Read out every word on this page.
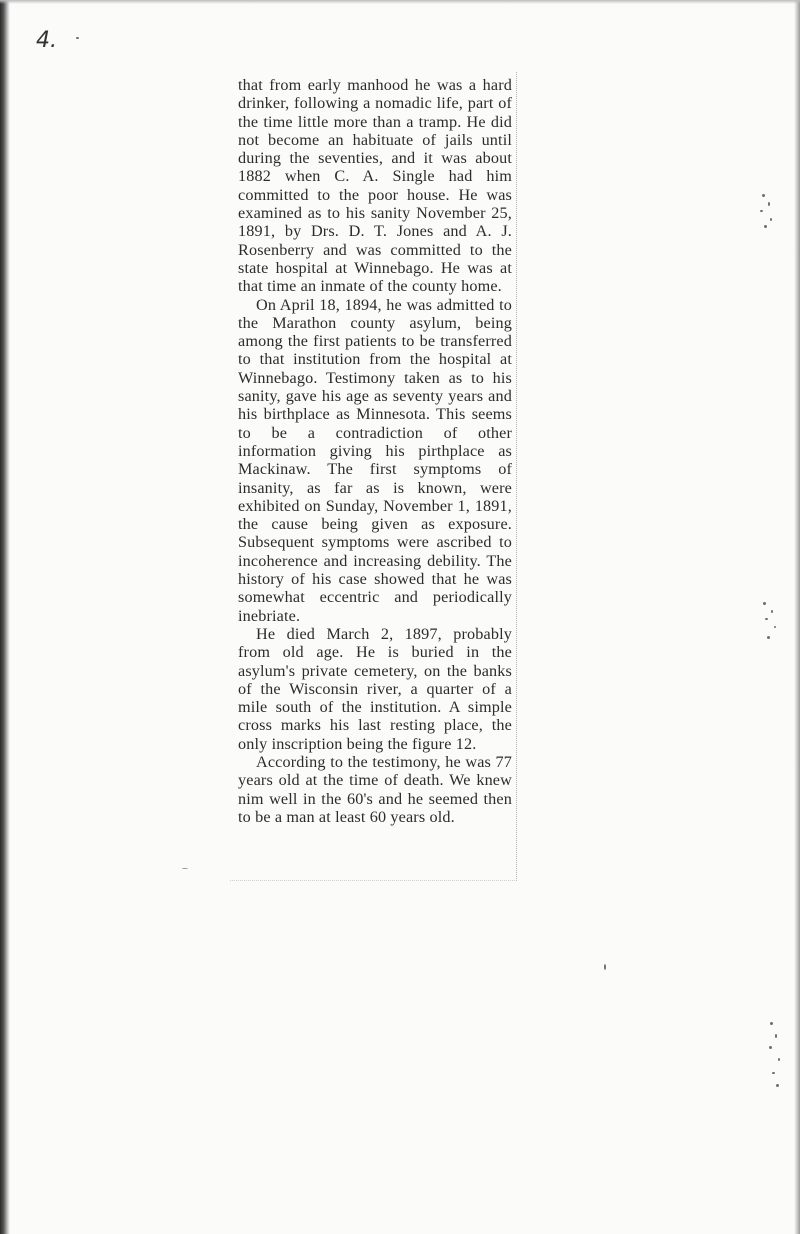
4.

that from early manhood he was a hard drinker, following a nomadic life, part of the time little more than a tramp. He did not become an habituate of jails until during the seventies, and it was about 1882 when C. A. Single had him committed to the poor house. He was examined as to his sanity November 25, 1891, by Drs. D. T. Jones and A. J. Rosenberry and was committed to the state hospital at Winnebago. He was at that time an inmate of the county home.

On April 18, 1894, he was admitted to the Marathon county asylum, being among the first patients to be transferred to that institution from the hospital at Winnebago. Testimony taken as to his sanity, gave his age as seventy years and his birthplace as Minnesota. This seems to be a contradiction of other information giving his pirthplace as Mackinaw. The first symptoms of insanity, as far as is known, were exhibited on Sunday, November 1, 1891, the cause being given as exposure. Subsequent symptoms were ascribed to incoherence and increasing debility. The history of his case showed that he was somewhat eccentric and periodically inebriate.

He died March 2, 1897, probably from old age. He is buried in the asylum's private cemetery, on the banks of the Wisconsin river, a quarter of a mile south of the institution. A simple cross marks his last resting place, the only inscription being the figure 12.

According to the testimony, he was 77 years old at the time of death. We knew nim well in the 60's and he seemed then to be a man at least 60 years old.
